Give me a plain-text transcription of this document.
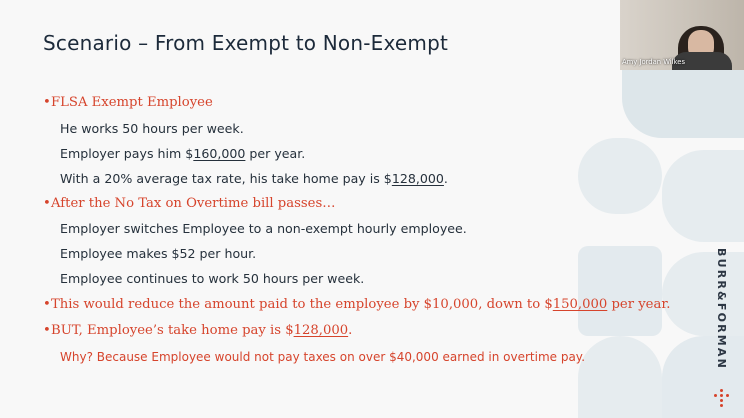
Scenario – From Exempt to Non-Exempt
•FLSA Exempt Employee
He works 50 hours per week.
Employer pays him $160,000 per year.
With a 20% average tax rate, his take home pay is $128,000.
•After the No Tax on Overtime bill passes…
Employer switches Employee to a non-exempt hourly employee.
Employee makes $52 per hour.
Employee continues to work 50 hours per week.
•This would reduce the amount paid to the employee by $10,000, down to $150,000 per year.
•BUT, Employee’s take home pay is $128,000.
Why? Because Employee would not pay taxes on over $40,000 earned in overtime pay.	BURR&FORMAN
Amy Jordan Wilkes
